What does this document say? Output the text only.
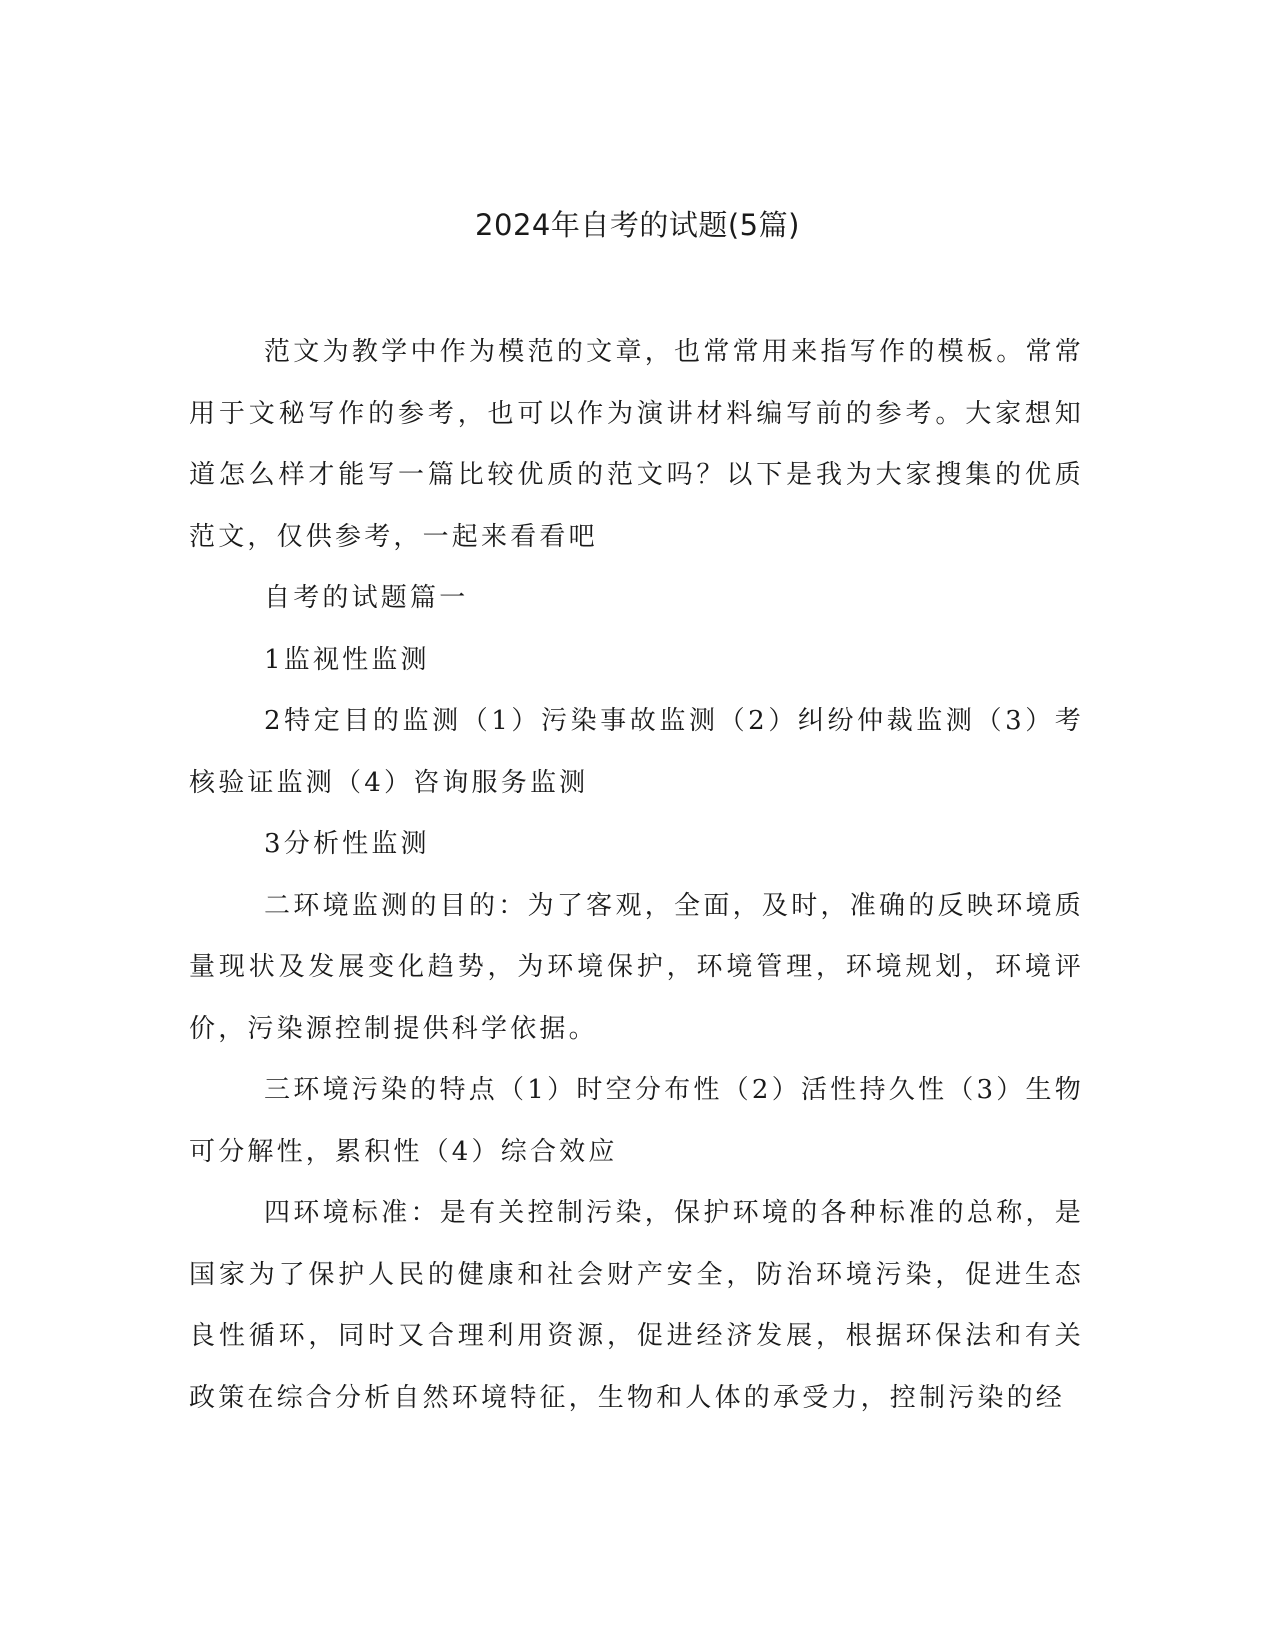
2024年自考的试题(5篇)

范文为教学中作为模范的文章，也常常用来指写作的模板。常常用于文秘写作的参考，也可以作为演讲材料编写前的参考。大家想知道怎么样才能写一篇比较优质的范文吗？以下是我为大家搜集的优质范文，仅供参考，一起来看看吧

自考的试题篇一

1监视性监测

2特定目的监测（1）污染事故监测（2）纠纷仲裁监测（3）考核验证监测（4）咨询服务监测

3分析性监测

二环境监测的目的：为了客观，全面，及时，准确的反映环境质量现状及发展变化趋势，为环境保护，环境管理，环境规划，环境评价，污染源控制提供科学依据。

三环境污染的特点（1）时空分布性（2）活性持久性（3）生物可分解性，累积性（4）综合效应

四环境标准：是有关控制污染，保护环境的各种标准的总称，是国家为了保护人民的健康和社会财产安全，防治环境污染，促进生态良性循环，同时又合理利用资源，促进经济发展，根据环保法和有关政策在综合分析自然环境特征，生物和人体的承受力，控制污染的经
